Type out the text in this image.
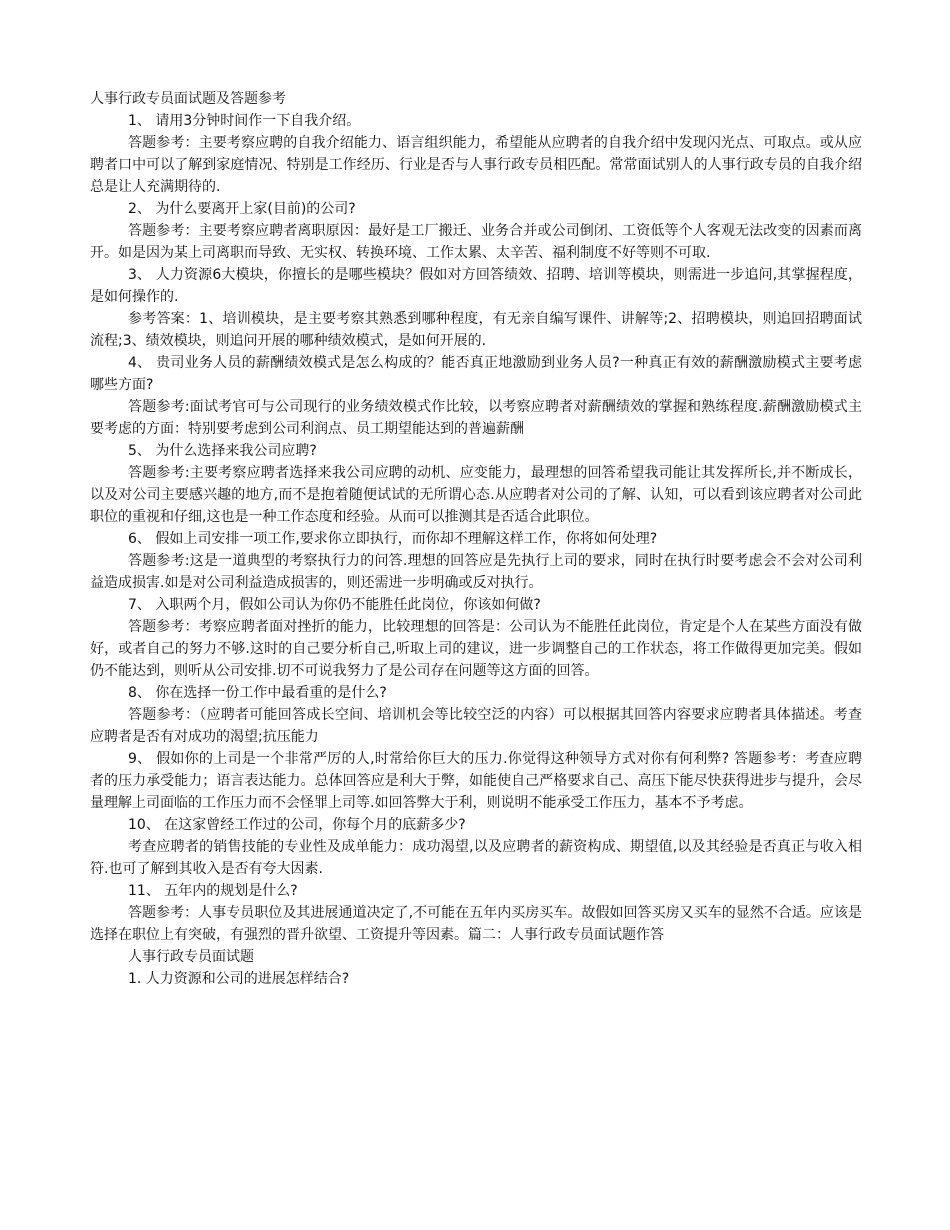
人事行政专员面试题及答题参考

1、 请用3分钟时间作一下自我介绍。

答题参考：主要考察应聘的自我介绍能力、语言组织能力，希望能从应聘者的自我介绍中发现闪光点、可取点。或从应聘者口中可以了解到家庭情况、特别是工作经历、行业是否与人事行政专员相匹配。常常面试别人的人事行政专员的自我介绍总是让人充满期待的.

2、 为什么要离开上家(目前)的公司?

答题参考：主要考察应聘者离职原因：最好是工厂搬迁、业务合并或公司倒闭、工资低等个人客观无法改变的因素而离开。如是因为某上司离职而导致、无实权、转换环境、工作太累、太辛苦、福利制度不好等则不可取.

3、 人力资源6大模块，你擅长的是哪些模块？假如对方回答绩效、招聘、培训等模块，则需进一步追问,其掌握程度，是如何操作的.

参考答案：1、培训模块，是主要考察其熟悉到哪种程度，有无亲自编写课件、讲解等;2、招聘模块，则追回招聘面试流程;3、绩效模块，则追问开展的哪种绩效模式，是如何开展的.

4、 贵司业务人员的薪酬绩效模式是怎么构成的？能否真正地激励到业务人员?一种真正有效的薪酬激励模式主要考虑哪些方面?

答题参考:面试考官可与公司现行的业务绩效模式作比较，以考察应聘者对薪酬绩效的掌握和熟练程度.薪酬激励模式主要考虑的方面：特别要考虑到公司利润点、员工期望能达到的普遍薪酬

5、 为什么选择来我公司应聘?

答题参考:主要考察应聘者选择来我公司应聘的动机、应变能力，最理想的回答希望我司能让其发挥所长,并不断成长，以及对公司主要感兴趣的地方,而不是抱着随便试试的无所谓心态.从应聘者对公司的了解、认知，可以看到该应聘者对公司此职位的重视和仔细,这也是一种工作态度和经验。从而可以推测其是否适合此职位。

6、 假如上司安排一项工作,要求你立即执行，而你却不理解这样工作，你将如何处理?

答题参考:这是一道典型的考察执行力的问答.理想的回答应是先执行上司的要求，同时在执行时要考虑会不会对公司利益造成损害.如是对公司利益造成损害的，则还需进一步明确或反对执行。

7、 入职两个月，假如公司认为你仍不能胜任此岗位，你该如何做?

答题参考：考察应聘者面对挫折的能力，比较理想的回答是：公司认为不能胜任此岗位，肯定是个人在某些方面没有做好，或者自己的努力不够.这时的自己要分析自己,听取上司的建议，进一步调整自己的工作状态，将工作做得更加完美。假如仍不能达到，则听从公司安排.切不可说我努力了是公司存在问题等这方面的回答。

8、 你在选择一份工作中最看重的是什么?

答题参考：（应聘者可能回答成长空间、培训机会等比较空泛的内容）可以根据其回答内容要求应聘者具体描述。考查应聘者是否有对成功的渴望;抗压能力

9、 假如你的上司是一个非常严厉的人,时常给你巨大的压力.你觉得这种领导方式对你有何利弊? 答题参考：考查应聘者的压力承受能力；语言表达能力。总体回答应是利大于弊，如能使自己严格要求自己、高压下能尽快获得进步与提升，会尽量理解上司面临的工作压力而不会怪罪上司等.如回答弊大于利，则说明不能承受工作压力，基本不予考虑。

10、 在这家曾经工作过的公司，你每个月的底薪多少?

考查应聘者的销售技能的专业性及成单能力：成功渴望,以及应聘者的薪资构成、期望值,以及其经验是否真正与收入相符.也可了解到其收入是否有夸大因素.

11、 五年内的规划是什么?

答题参考：人事专员职位及其进展通道决定了,不可能在五年内买房买车。故假如回答买房又买车的显然不合适。应该是选择在职位上有突破，有强烈的晋升欲望、工资提升等因素。篇二：人事行政专员面试题作答

人事行政专员面试题

1. 人力资源和公司的进展怎样结合?
